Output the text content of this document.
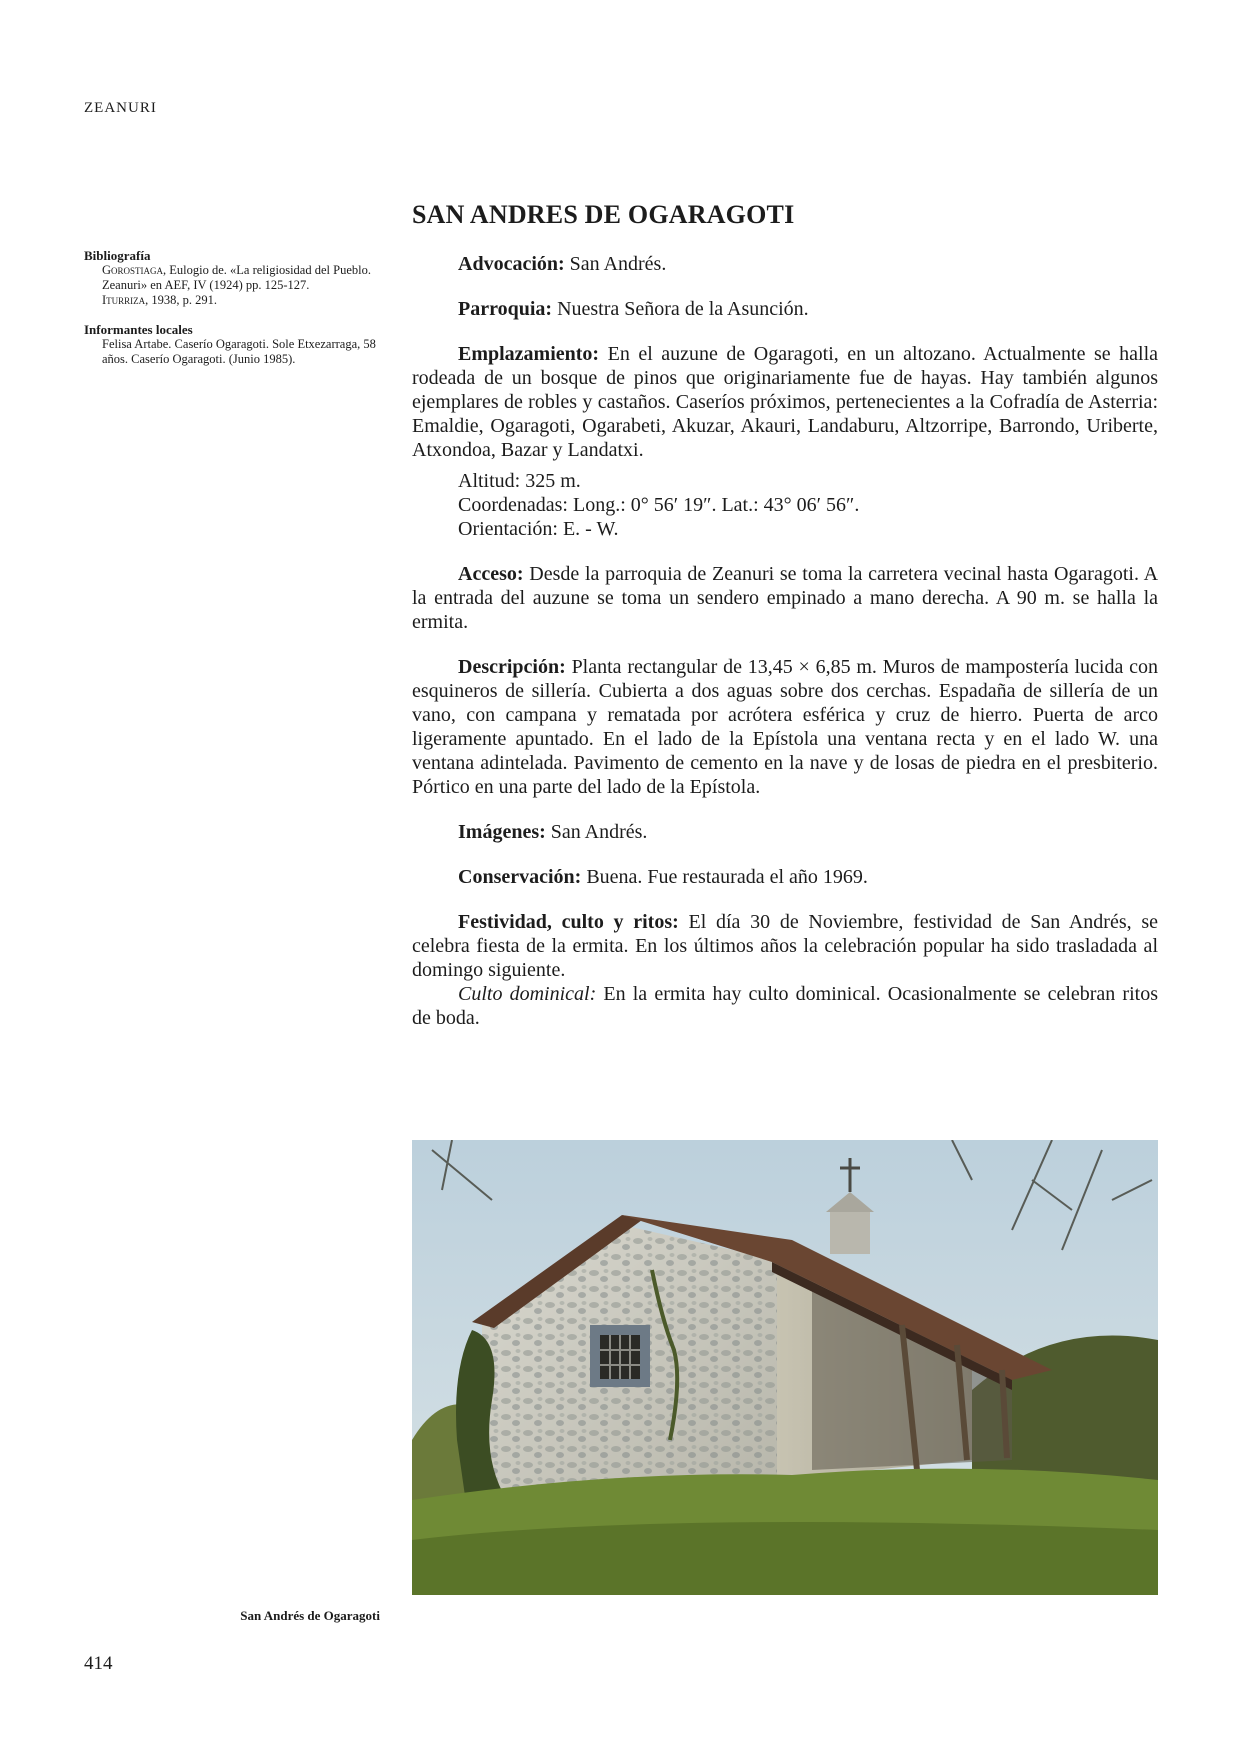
ZEANURI
Bibliografía
Gorostiaga, Eulogio de. «La religiosidad del Pueblo. Zeanuri» en AEF, IV (1924) pp. 125-127.
Iturriza, 1938, p. 291.
Informantes locales
Felisa Artabe. Caserío Ogaragoti. Sole Etxezarraga, 58 años. Caserío Ogaragoti. (Junio 1985).
SAN ANDRES DE OGARAGOTI

Advocación: San Andrés.

Parroquia: Nuestra Señora de la Asunción.

Emplazamiento: En el auzune de Ogaragoti, en un altozano. Actualmente se halla rodeada de un bosque de pinos que originariamente fue de hayas. Hay también algunos ejemplares de robles y castaños. Caseríos próximos, pertenecientes a la Cofradía de Asterria: Emaldie, Ogaragoti, Ogarabeti, Akuzar, Akauri, Landaburu, Altzorripe, Barrondo, Uriberte, Atxondoa, Bazar y Landatxi.

Altitud: 325 m.
Coordenadas: Long.: 0° 56′ 19″. Lat.: 43° 06′ 56″.
Orientación: E. - W.

Acceso: Desde la parroquia de Zeanuri se toma la carretera vecinal hasta Ogaragoti. A la entrada del auzune se toma un sendero empinado a mano derecha. A 90 m. se halla la ermita.

Descripción: Planta rectangular de 13,45 × 6,85 m. Muros de mampostería lucida con esquineros de sillería. Cubierta a dos aguas sobre dos cerchas. Espadaña de sillería de un vano, con campana y rematada por acrótera esférica y cruz de hierro. Puerta de arco ligeramente apuntado. En el lado de la Epístola una ventana recta y en el lado W. una ventana adintelada. Pavimento de cemento en la nave y de losas de piedra en el presbiterio. Pórtico en una parte del lado de la Epístola.

Imágenes: San Andrés.

Conservación: Buena. Fue restaurada el año 1969.

Festividad, culto y ritos: El día 30 de Noviembre, festividad de San Andrés, se celebra fiesta de la ermita. En los últimos años la celebración popular ha sido trasladada al domingo siguiente.

Culto dominical: En la ermita hay culto dominical. Ocasionalmente se celebran ritos de boda.

San Andrés de Ogaragoti
414
